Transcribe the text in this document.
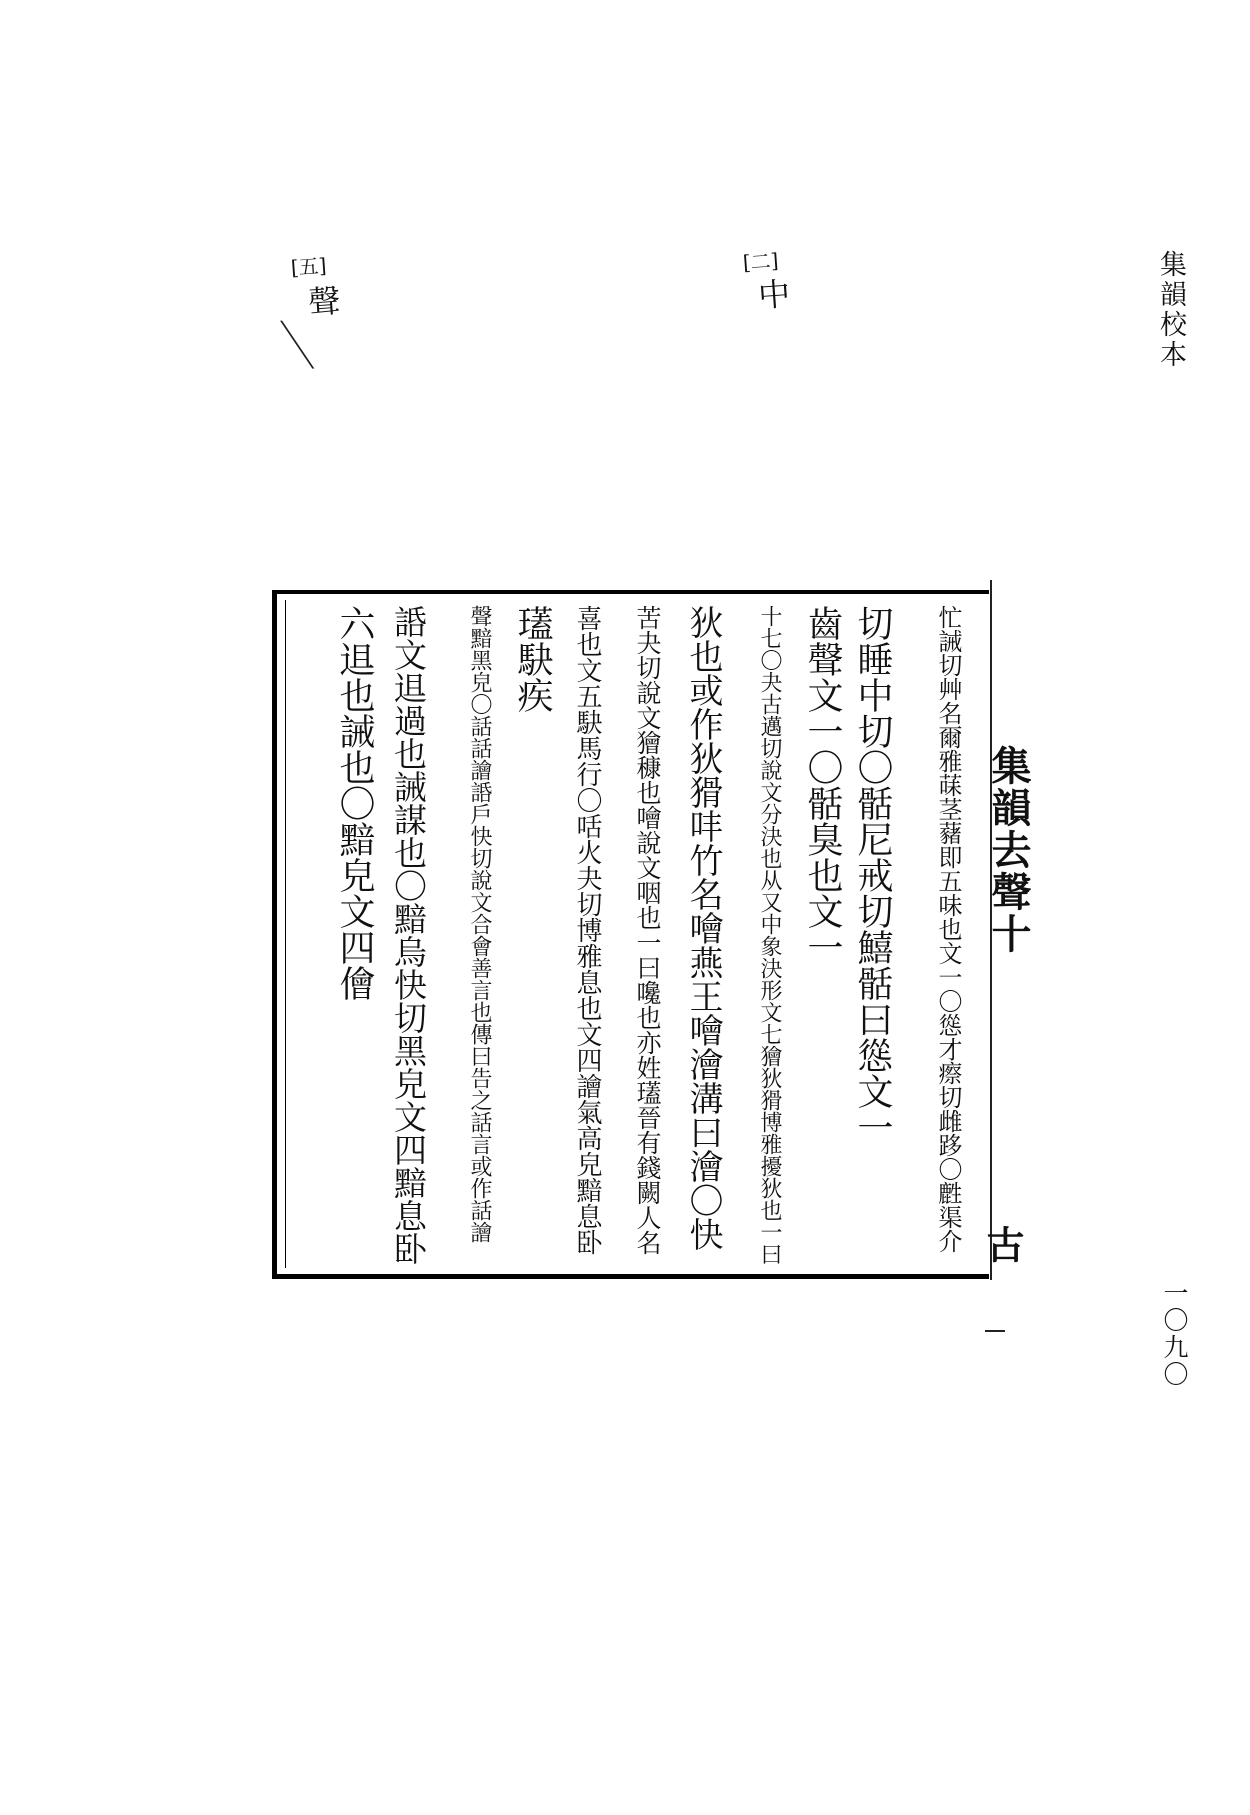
集韻校本
一〇九〇
[二]
中
[五]
聲
集韻去聲十
古
忙誡切艸名爾雅菋茎藸即五味也文一〇慫才瘵切雌跢〇𪊟渠介
切睡中切〇䯏尼戒切鱚䯏曰慫文一
齒聲文一〇䯏臭也文一
十七〇夬古邁切說文分決也从又中象決形文七獪狄猾博雅擾狄也一曰
狄也或作狄猾㕩竹名噲燕王噲澮溝曰澮〇快
苦夬切說文獪穅也噲說文咽也一曰嚵也亦姓瓂晉有錢闕人名
喜也文五駃馬行〇咶火夬切博雅息也文四譮氣高皃黯息卧
瓂駃疾
聲黯黑皃〇話話譮䛡戶快切說文合會善言也傳曰告之話言或作話譮
䛡文䢐過也誡謀也〇黯烏快切黑皃文四黯息卧
六䢐也誡也〇黯皃文四儈
